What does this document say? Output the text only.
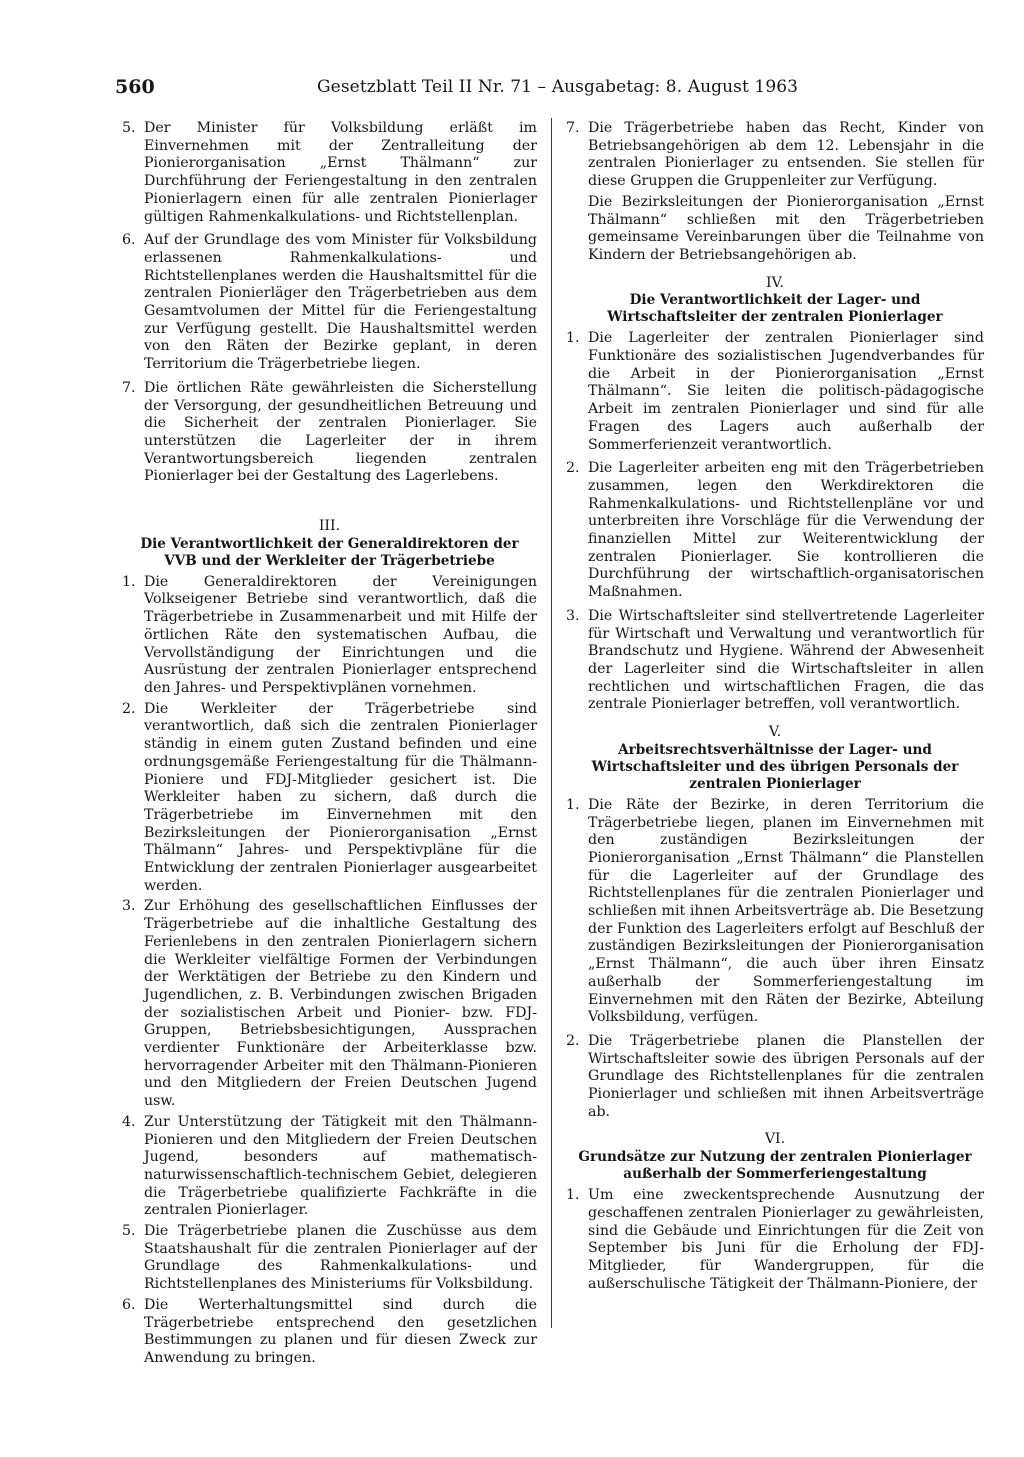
560	Gesetzblatt Teil II Nr. 71 – Ausgabetag: 8. August 1963
5. Der Minister für Volksbildung erläßt im Einvernehmen mit der Zentralleitung der Pionierorganisation „Ernst Thälmann“ zur Durchführung der Feriengestaltung in den zentralen Pionierlagern einen für alle zentralen Pionierlager gültigen Rahmenkalkulations- und Richtstellenplan.
6. Auf der Grundlage des vom Minister für Volksbildung erlassenen Rahmenkalkulations- und Richtstellenplanes werden die Haushaltsmittel für die zentralen Pionierläger den Trägerbetrieben aus dem Gesamtvolumen der Mittel für die Feriengestaltung zur Verfügung gestellt. Die Haushaltsmittel werden von den Räten der Bezirke geplant, in deren Territorium die Trägerbetriebe liegen.
7. Die örtlichen Räte gewährleisten die Sicherstellung der Versorgung, der gesundheitlichen Betreuung und die Sicherheit der zentralen Pionierlager. Sie unterstützen die Lagerleiter der in ihrem Verantwortungsbereich liegenden zentralen Pionierlager bei der Gestaltung des Lagerlebens.
III.
Die Verantwortlichkeit der Generaldirektoren der VVB und der Werkleiter der Trägerbetriebe
1. Die Generaldirektoren der Vereinigungen Volkseigener Betriebe sind verantwortlich, daß die Trägerbetriebe in Zusammenarbeit und mit Hilfe der örtlichen Räte den systematischen Aufbau, die Vervollständigung der Einrichtungen und die Ausrüstung der zentralen Pionierlager entsprechend den Jahres- und Perspektivplänen vornehmen.
2. Die Werkleiter der Trägerbetriebe sind verantwortlich, daß sich die zentralen Pionierlager ständig in einem guten Zustand befinden und eine ordnungsgemäße Feriengestaltung für die Thälmann-Pioniere und FDJ-Mitglieder gesichert ist. Die Werkleiter haben zu sichern, daß durch die Trägerbetriebe im Einvernehmen mit den Bezirksleitungen der Pionierorganisation „Ernst Thälmann“ Jahres- und Perspektivpläne für die Entwicklung der zentralen Pionierlager ausgearbeitet werden.
3. Zur Erhöhung des gesellschaftlichen Einflusses der Trägerbetriebe auf die inhaltliche Gestaltung des Ferienlebens in den zentralen Pionierlagern sichern die Werkleiter vielfältige Formen der Verbindungen der Werktätigen der Betriebe zu den Kindern und Jugendlichen, z. B. Verbindungen zwischen Brigaden der sozialistischen Arbeit und Pionier- bzw. FDJ-Gruppen, Betriebsbesichtigungen, Aussprachen verdienter Funktionäre der Arbeiterklasse bzw. hervorragender Arbeiter mit den Thälmann-Pionieren und den Mitgliedern der Freien Deutschen Jugend usw.
4. Zur Unterstützung der Tätigkeit mit den Thälmann-Pionieren und den Mitgliedern der Freien Deutschen Jugend, besonders auf mathematisch-naturwissenschaftlich-technischem Gebiet, delegieren die Trägerbetriebe qualifizierte Fachkräfte in die zentralen Pionierlager.
5. Die Trägerbetriebe planen die Zuschüsse aus dem Staatshaushalt für die zentralen Pionierlager auf der Grundlage des Rahmenkalkulations- und Richtstellenplanes des Ministeriums für Volksbildung.
6. Die Werterhaltungsmittel sind durch die Trägerbetriebe entsprechend den gesetzlichen Bestimmungen zu planen und für diesen Zweck zur Anwendung zu bringen.
7. Die Trägerbetriebe haben das Recht, Kinder von Betriebsangehörigen ab dem 12. Lebensjahr in die zentralen Pionierlager zu entsenden. Sie stellen für diese Gruppen die Gruppenleiter zur Verfügung.
Die Bezirksleitungen der Pionierorganisation „Ernst Thälmann“ schließen mit den Trägerbetrieben gemeinsame Vereinbarungen über die Teilnahme von Kindern der Betriebsangehörigen ab.
IV.
Die Verantwortlichkeit der Lager- und Wirtschaftsleiter der zentralen Pionierlager
1. Die Lagerleiter der zentralen Pionierlager sind Funktionäre des sozialistischen Jugendverbandes für die Arbeit in der Pionierorganisation „Ernst Thälmann“. Sie leiten die politisch-pädagogische Arbeit im zentralen Pionierlager und sind für alle Fragen des Lagers auch außerhalb der Sommerferienzeit verantwortlich.
2. Die Lagerleiter arbeiten eng mit den Trägerbetrieben zusammen, legen den Werkdirektoren die Rahmenkalkulations- und Richtstellenpläne vor und unterbreiten ihre Vorschläge für die Verwendung der finanziellen Mittel zur Weiterentwicklung der zentralen Pionierlager. Sie kontrollieren die Durchführung der wirtschaftlich-organisatorischen Maßnahmen.
3. Die Wirtschaftsleiter sind stellvertretende Lagerleiter für Wirtschaft und Verwaltung und verantwortlich für Brandschutz und Hygiene. Während der Abwesenheit der Lagerleiter sind die Wirtschaftsleiter in allen rechtlichen und wirtschaftlichen Fragen, die das zentrale Pionierlager betreffen, voll verantwortlich.
V.
Arbeitsrechtsverhältnisse der Lager- und Wirtschaftsleiter und des übrigen Personals der zentralen Pionierlager
1. Die Räte der Bezirke, in deren Territorium die Trägerbetriebe liegen, planen im Einvernehmen mit den zuständigen Bezirksleitungen der Pionierorganisation „Ernst Thälmann“ die Planstellen für die Lagerleiter auf der Grundlage des Richtstellenplanes für die zentralen Pionierlager und schließen mit ihnen Arbeitsverträge ab. Die Besetzung der Funktion des Lagerleiters erfolgt auf Beschluß der zuständigen Bezirksleitungen der Pionierorganisation „Ernst Thälmann“, die auch über ihren Einsatz außerhalb der Sommerferiengestaltung im Einvernehmen mit den Räten der Bezirke, Abteilung Volksbildung, verfügen.
2. Die Trägerbetriebe planen die Planstellen der Wirtschaftsleiter sowie des übrigen Personals auf der Grundlage des Richtstellenplanes für die zentralen Pionierlager und schließen mit ihnen Arbeitsverträge ab.
VI.
Grundsätze zur Nutzung der zentralen Pionierlager außerhalb der Sommerferiengestaltung
1. Um eine zweckentsprechende Ausnutzung der geschaffenen zentralen Pionierlager zu gewährleisten, sind die Gebäude und Einrichtungen für die Zeit von September bis Juni für die Erholung der FDJ-Mitglieder, für Wandergruppen, für die außerschulische Tätigkeit der Thälmann-Pioniere, der
